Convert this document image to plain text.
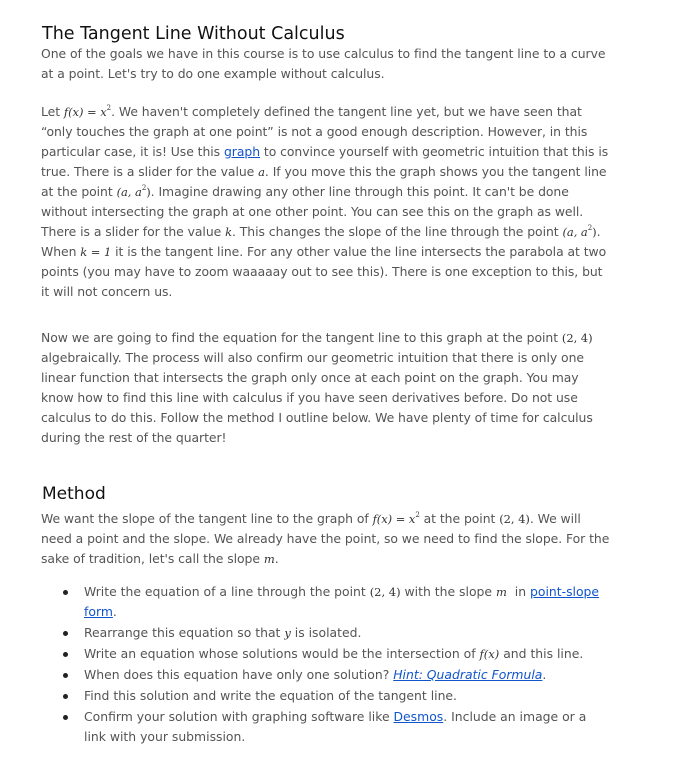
The Tangent Line Without Calculus

One of the goals we have in this course is to use calculus to find the tangent line to a curve at a point. Let's try to do one example without calculus.

Let $f(x) = x^2$. We haven't completely defined the tangent line yet, but we have seen that “only touches the graph at one point” is not a good enough description. However, in this particular case, it is! Use this graph to convince yourself with geometric intuition that this is true. There is a slider for the value a. If you move this the graph shows you the tangent line at the point (a, $a^2$). Imagine drawing any other line through this point. It can't be done without intersecting the graph at one other point. You can see this on the graph as well. There is a slider for the value k. This changes the slope of the line through the point (a, $a^2$). When k = 1 it is the tangent line. For any other value the line intersects the parabola at two points (you may have to zoom waaaaay out to see this). There is one exception to this, but it will not concern us.

Now we are going to find the equation for the tangent line to this graph at the point (2, 4) algebraically. The process will also confirm our geometric intuition that there is only one linear function that intersects the graph only once at each point on the graph. You may know how to find this line with calculus if you have seen derivatives before. Do not use calculus to do this. Follow the method I outline below. We have plenty of time for calculus during the rest of the quarter!

Method

We want the slope of the tangent line to the graph of $f(x) = x^2$ at the point (2, 4). We will need a point and the slope. We already have the point, so we need to find the slope. For the sake of tradition, let's call the slope m.

Write the equation of a line through the point (2, 4) with the slope m  in point-slope form.
Rearrange this equation so that y is isolated.
Write an equation whose solutions would be the intersection of f(x) and this line.
When does this equation have only one solution? Hint: Quadratic Formula.
Find this solution and write the equation of the tangent line.
Confirm your solution with graphing software like Desmos. Include an image or a link with your submission.
